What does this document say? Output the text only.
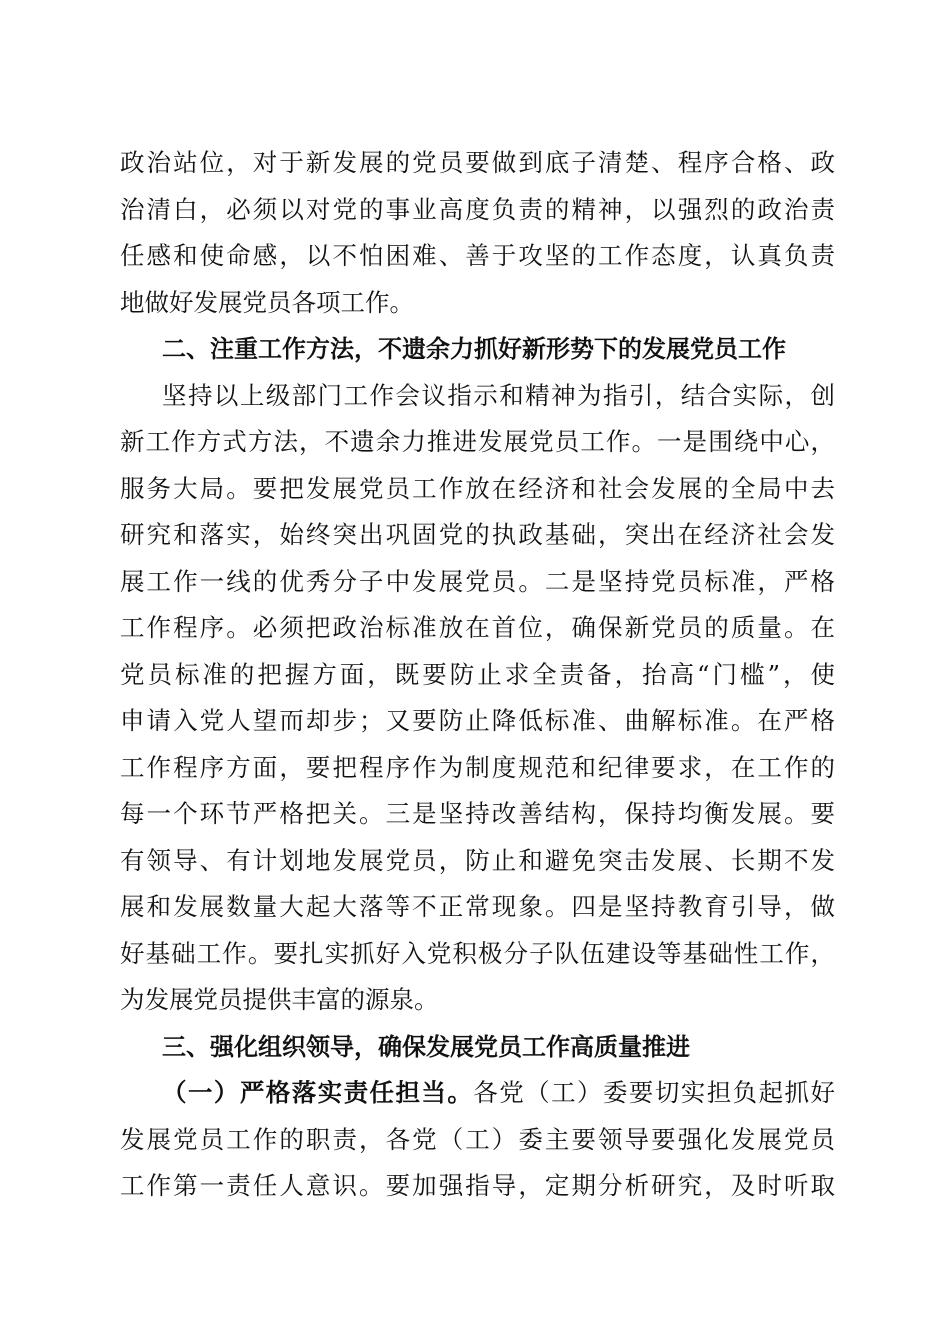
政治站位，对于新发展的党员要做到底子清楚、程序合格、政
治清白，必须以对党的事业高度负责的精神，以强烈的政治责
任感和使命感，以不怕困难、善于攻坚的工作态度，认真负责
地做好发展党员各项工作。
二、注重工作方法，不遗余力抓好新形势下的发展党员工作
坚持以上级部门工作会议指示和精神为指引，结合实际，创
新工作方式方法，不遗余力推进发展党员工作。一是围绕中心，
服务大局。要把发展党员工作放在经济和社会发展的全局中去
研究和落实，始终突出巩固党的执政基础，突出在经济社会发
展工作一线的优秀分子中发展党员。二是坚持党员标准，严格
工作程序。必须把政治标准放在首位，确保新党员的质量。在
党员标准的把握方面，既要防止求全责备，抬高“门槛”，使
申请入党人望而却步；又要防止降低标准、曲解标准。在严格
工作程序方面，要把程序作为制度规范和纪律要求，在工作的
每一个环节严格把关。三是坚持改善结构，保持均衡发展。要
有领导、有计划地发展党员，防止和避免突击发展、长期不发
展和发展数量大起大落等不正常现象。四是坚持教育引导，做
好基础工作。要扎实抓好入党积极分子队伍建设等基础性工作，
为发展党员提供丰富的源泉。
三、强化组织领导，确保发展党员工作高质量推进
（一）严格落实责任担当。各党（工）委要切实担负起抓好
发展党员工作的职责，各党（工）委主要领导要强化发展党员
工作第一责任人意识。要加强指导，定期分析研究，及时听取
